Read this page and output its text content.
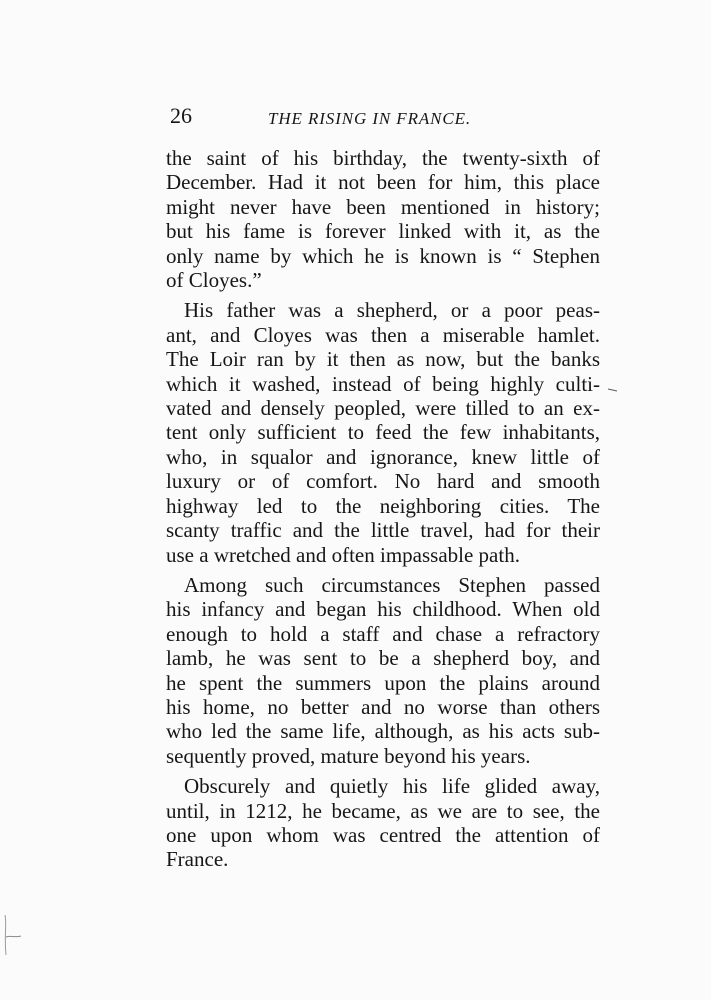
26	THE RISING IN FRANCE.
the saint of his birthday, the twenty-sixth of
December. Had it not been for him, this place
might never have been mentioned in history;
but his fame is forever linked with it, as the
only name by which he is known is “ Stephen
of Cloyes.”
His father was a shepherd, or a poor peas-
ant, and Cloyes was then a miserable hamlet.
The Loir ran by it then as now, but the banks
which it washed, instead of being highly culti-
vated and densely peopled, were tilled to an ex-
tent only sufficient to feed the few inhabitants,
who, in squalor and ignorance, knew little of
luxury or of comfort. No hard and smooth
highway led to the neighboring cities. The
scanty traffic and the little travel, had for their
use a wretched and often impassable path.
Among such circumstances Stephen passed
his infancy and began his childhood. When old
enough to hold a staff and chase a refractory
lamb, he was sent to be a shepherd boy, and
he spent the summers upon the plains around
his home, no better and no worse than others
who led the same life, although, as his acts sub-
sequently proved, mature beyond his years.
Obscurely and quietly his life glided away,
until, in 1212, he became, as we are to see, the
one upon whom was centred the attention of
France.
